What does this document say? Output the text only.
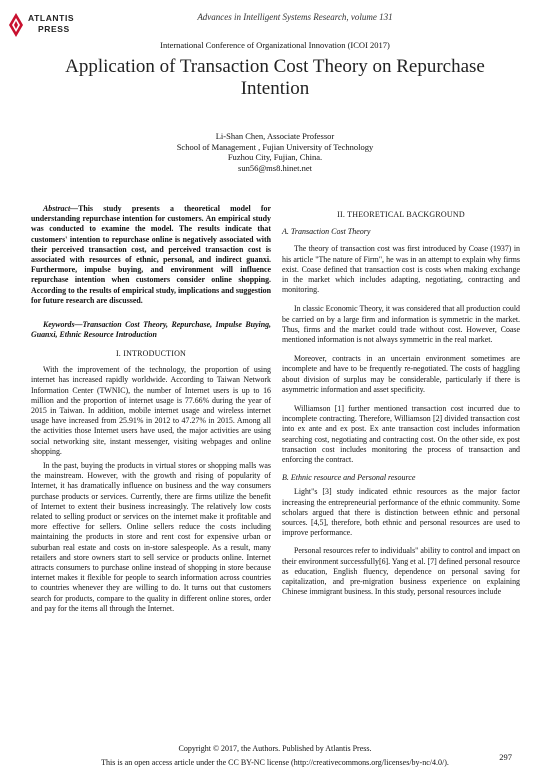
ATLANTIS
PRESS
Advances in Intelligent Systems Research, volume 131
International Conference of Organizational Innovation (ICOI 2017)
Application of Transaction Cost Theory on Repurchase Intention
Li-Shan Chen, Associate Professor
School of Management , Fujian University of Technology
Fuzhou City, Fujian, China.
sun56@ms8.hinet.net

Abstract—This study presents a theoretical model for understanding repurchase intention for customers. An empirical study was conducted to examine the model. The results indicate that customers' intention to repurchase online is negatively associated with their perceived transaction cost, and perceived transaction cost is associated with resources of ethnic, personal, and indirect guanxi. Furthermore, impulse buying, and environment will influence repurchase intention when customers consider online shopping. According to the results of empirical study, implications and suggestion for future research are discussed.

Keywords—Transaction Cost Theory, Repurchase, Impulse Buying, Guanxi, Ethnic Resource Introduction

I. INTRODUCTION

With the improvement of the technology, the proportion of using internet has increased rapidly worldwide. According to Taiwan Network Information Center (TWNIC), the number of Internet users is up to 16 million and the proportion of internet usage is 77.66% during the year of 2015 in Taiwan. In addition, mobile internet usage and wireless internet usage have increased from 25.91% in 2012 to 47.27% in 2015. Among all the activities those Internet users have used, the major activities are using social networking site, instant messenger, visiting webpages and online shopping.

In the past, buying the products in virtual stores or shopping malls was the mainstream. However, with the growth and rising of popularity of Internet, it has dramatically influence on business and the way consumers purchase products or services. Currently, there are firms utilize the benefit of Internet to extent their business increasingly. The relatively low costs related to selling product or services on the internet make it profitable and more effective for sellers. Online sellers reduce the costs including maintaining the products in store and rent cost for expensive urban or suburban real estate and costs on in-store salespeople. As a result, many retailers and store owners start to sell service or products online. Internet attracts consumers to purchase online instead of shopping in store because internet makes it flexible for people to search information across countries to countries whenever they are willing to do. It turns out that customers search for products, compare to the quality in different online stores, order and pay for the items all through the Internet.

II. THEORETICAL BACKGROUND

A. Transaction Cost Theory

The theory of transaction cost was first introduced by Coase (1937) in his article "The nature of Firm", he was in an attempt to explain why firms exist. Coase defined that transaction cost is costs when making exchange in the market which includes adapting, negotiating, contracting and monitoring.

In classic Economic Theory, it was considered that all production could be carried on by a large firm and information is symmetric in the market. Thus, firms and the market could trade without cost. However, Coase mentioned information is not always symmetric in the real market.

Moreover, contracts in an uncertain environment sometimes are incomplete and have to be frequently re-negotiated. The costs of haggling about division of surplus may be considerable, particularly if there is asymmetric information and asset specificity.

Williamson [1] further mentioned transaction cost incurred due to incomplete contracting. Therefore, Williamson [2] divided transaction cost into ex ante and ex post. Ex ante transaction cost includes information searching cost, negotiating and contracting cost. On the other side, ex post transaction cost includes monitoring the process of transaction and enforcing the contract.

B. Ethnic resource and Personal resource

Light"s [3] study indicated ethnic resources as the major factor increasing the entrepreneurial performance of the ethnic community. Some scholars argued that there is distinction between ethnic and personal sources. [4,5], therefore, both ethnic and personal resources are used to improve performance.

Personal resources refer to individuals" ability to control and impact on their environment successfully[6]. Yang et al. [7] defined personal resource as education, English fluency, dependence on personal saving for capitalization, and pre-migration business experience on explaining Chinese immigrant business. In this study, personal resources include

Copyright © 2017, the Authors. Published by Atlantis Press.
This is an open access article under the CC BY-NC license (http://creativecommons.org/licenses/by-nc/4.0/).
297
